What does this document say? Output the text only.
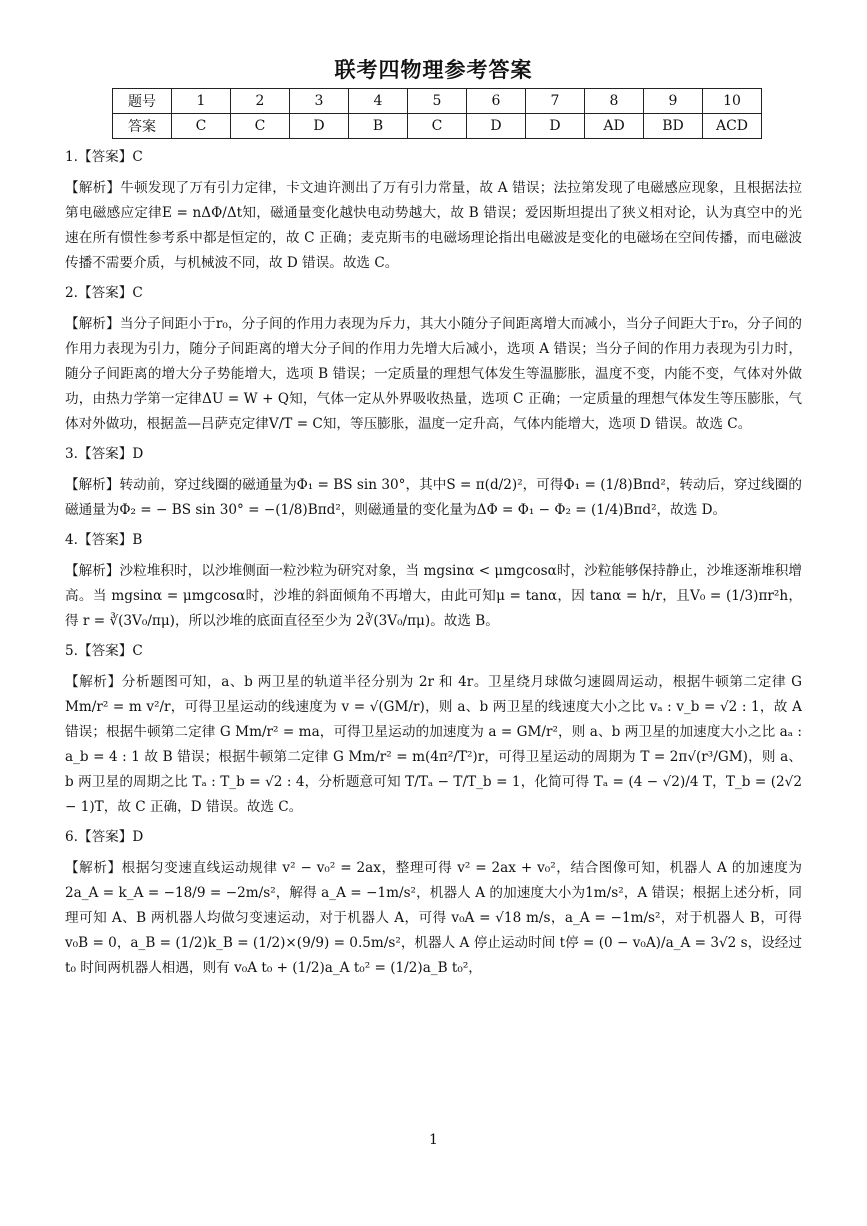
联考四物理参考答案
题号	1	2	3	4	5	6	7	8	9	10
答案	C	C	D	B	C	D	D	AD	BD	ACD

1.【答案】C

【解析】牛顿发现了万有引力定律，卡文迪许测出了万有引力常量，故 A 错误；法拉第发现了电磁感应现象，且根据法拉第电磁感应定律E = nΔΦ/Δt知，磁通量变化越快电动势越大，故 B 错误；爱因斯坦提出了狭义相对论，认为真空中的光速在所有惯性参考系中都是恒定的，故 C 正确；麦克斯韦的电磁场理论指出电磁波是变化的电磁场在空间传播，而电磁波传播不需要介质，与机械波不同，故 D 错误。故选 C。

2.【答案】C

【解析】当分子间距小于r₀，分子间的作用力表现为斥力，其大小随分子间距离增大而减小，当分子间距大于r₀，分子间的作用力表现为引力，随分子间距离的增大分子间的作用力先增大后减小，选项 A 错误；当分子间的作用力表现为引力时，随分子间距离的增大分子势能增大，选项 B 错误；一定质量的理想气体发生等温膨胀，温度不变，内能不变，气体对外做功，由热力学第一定律ΔU = W + Q知，气体一定从外界吸收热量，选项 C 正确；一定质量的理想气体发生等压膨胀，气体对外做功，根据盖—吕萨克定律V/T = C知，等压膨胀，温度一定升高，气体内能增大，选项 D 错误。故选 C。

3.【答案】D

【解析】转动前，穿过线圈的磁通量为Φ₁ = BS sin 30°，其中S = π(d/2)²，可得Φ₁ = (1/8)Bπd²，转动后，穿过线圈的磁通量为Φ₂ = − BS sin 30° = −(1/8)Bπd²，则磁通量的变化量为ΔΦ = Φ₁ − Φ₂ = (1/4)Bπd²，故选 D。

4.【答案】B

【解析】沙粒堆积时，以沙堆侧面一粒沙粒为研究对象，当 mgsinα < μmgcosα时，沙粒能够保持静止，沙堆逐渐堆积增高。当 mgsinα = μmgcosα时，沙堆的斜面倾角不再增大，由此可知μ = tanα，因 tanα = h/r，且V₀ = (1/3)πr²h，得 r = ∛(3V₀/πμ)，所以沙堆的底面直径至少为 2∛(3V₀/πμ)。故选 B。

5.【答案】C

【解析】分析题图可知，a、b 两卫星的轨道半径分别为 2r 和 4r。卫星绕月球做匀速圆周运动，根据牛顿第二定律 G Mm/r² = m v²/r，可得卫星运动的线速度为 v = √(GM/r)，则 a、b 两卫星的线速度大小之比 vₐ : v_b = √2 : 1，故 A 错误；根据牛顿第二定律 G Mm/r² = ma，可得卫星运动的加速度为 a = GM/r²，则 a、b 两卫星的加速度大小之比 aₐ : a_b = 4 : 1 故 B 错误；根据牛顿第二定律 G Mm/r² = m(4π²/T²)r，可得卫星运动的周期为 T = 2π√(r³/GM)，则 a、b 两卫星的周期之比 Tₐ : T_b = √2 : 4，分析题意可知 T/Tₐ − T/T_b = 1，化简可得 Tₐ = (4 − √2)/4 T，T_b = (2√2 − 1)T，故 C 正确，D 错误。故选 C。

6.【答案】D

【解析】根据匀变速直线运动规律 v² − v₀² = 2ax，整理可得 v² = 2ax + v₀²，结合图像可知，机器人 A 的加速度为 2a_A = k_A = −18/9 = −2m/s²，解得 a_A = −1m/s²，机器人 A 的加速度大小为1m/s²，A 错误；根据上述分析，同理可知 A、B 两机器人均做匀变速运动，对于机器人 A，可得 v₀A = √18 m/s，a_A = −1m/s²，对于机器人 B，可得 v₀B = 0，a_B = (1/2)k_B = (1/2)×(9/9) = 0.5m/s²，机器人 A 停止运动时间 t停 = (0 − v₀A)/a_A = 3√2 s，设经过 t₀ 时间两机器人相遇，则有 v₀A t₀ + (1/2)a_A t₀² = (1/2)a_B t₀²，

1
